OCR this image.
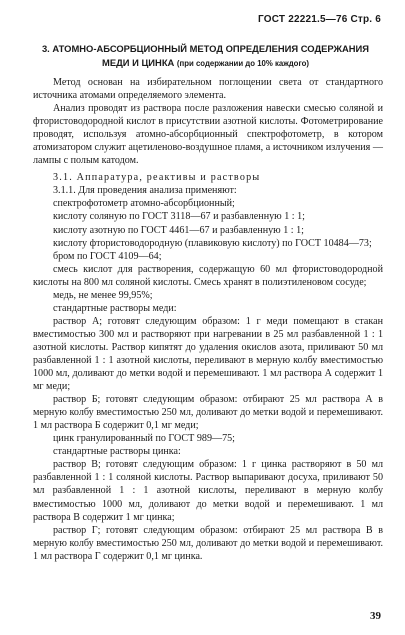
ГОСТ 22221.5—76 Стр. 6
3. АТОМНО-АБСОРБЦИОННЫЙ МЕТОД ОПРЕДЕЛЕНИЯ СОДЕРЖАНИЯ
МЕДИ И ЦИНКА (при содержании до 10% каждого)

Метод основан на избирательном поглощении света от стандартного источника атомами определяемого элемента.

Анализ проводят из раствора после разложения навески смесью соляной и фтористоводородной кислот в присутствии азотной кислоты. Фотометрирование проводят, используя атомно-абсорбционный спектрофотометр, в котором атомизатором служит ацетиленово-воздушное пламя, а источником излучения — лампы с полым катодом.

3.1. Аппаратура, реактивы и растворы

3.1.1. Для проведения анализа применяют:

спектрофотометр атомно-абсорбционный;

кислоту соляную по ГОСТ 3118—67 и разбавленную 1 : 1;

кислоту азотную по ГОСТ 4461—67 и разбавленную 1 : 1;

кислоту фтористоводородную (плавиковую кислоту) по ГОСТ 10484—73;

бром по ГОСТ 4109—64;

смесь кислот для растворения, содержащую 60 мл фтористоводородной кислоты на 800 мл соляной кислоты. Смесь хранят в полиэтиленовом сосуде;

медь, не менее 99,95%;

стандартные растворы меди:

раствор А; готовят следующим образом: 1 г меди помещают в стакан вместимостью 300 мл и растворяют при нагревании в 25 мл разбавленной 1 : 1 азотной кислоты. Раствор кипятят до удаления окислов азота, приливают 50 мл разбавленной 1 : 1 азотной кислоты, переливают в мерную колбу вместимостью 1000 мл, доливают до метки водой и перемешивают. 1 мл раствора А содержит 1 мг меди;

раствор Б; готовят следующим образом: отбирают 25 мл раствора А в мерную колбу вместимостью 250 мл, доливают до метки водой и перемешивают. 1 мл раствора Б содержит 0,1 мг меди;

цинк гранулированный по ГОСТ 989—75;

стандартные растворы цинка:

раствор В; готовят следующим образом: 1 г цинка растворяют в 50 мл разбавленной 1 : 1 соляной кислоты. Раствор выпаривают досуха, приливают 50 мл разбавленной 1 : 1 азотной кислоты, переливают в мерную колбу вместимостью 1000 мл, доливают до метки водой и перемешивают. 1 мл раствора В содержит 1 мг цинка;

раствор Г; готовят следующим образом: отбирают 25 мл раствора В в мерную колбу вместимостью 250 мл, доливают до метки водой и перемешивают. 1 мл раствора Г содержит 0,1 мг цинка.

39
